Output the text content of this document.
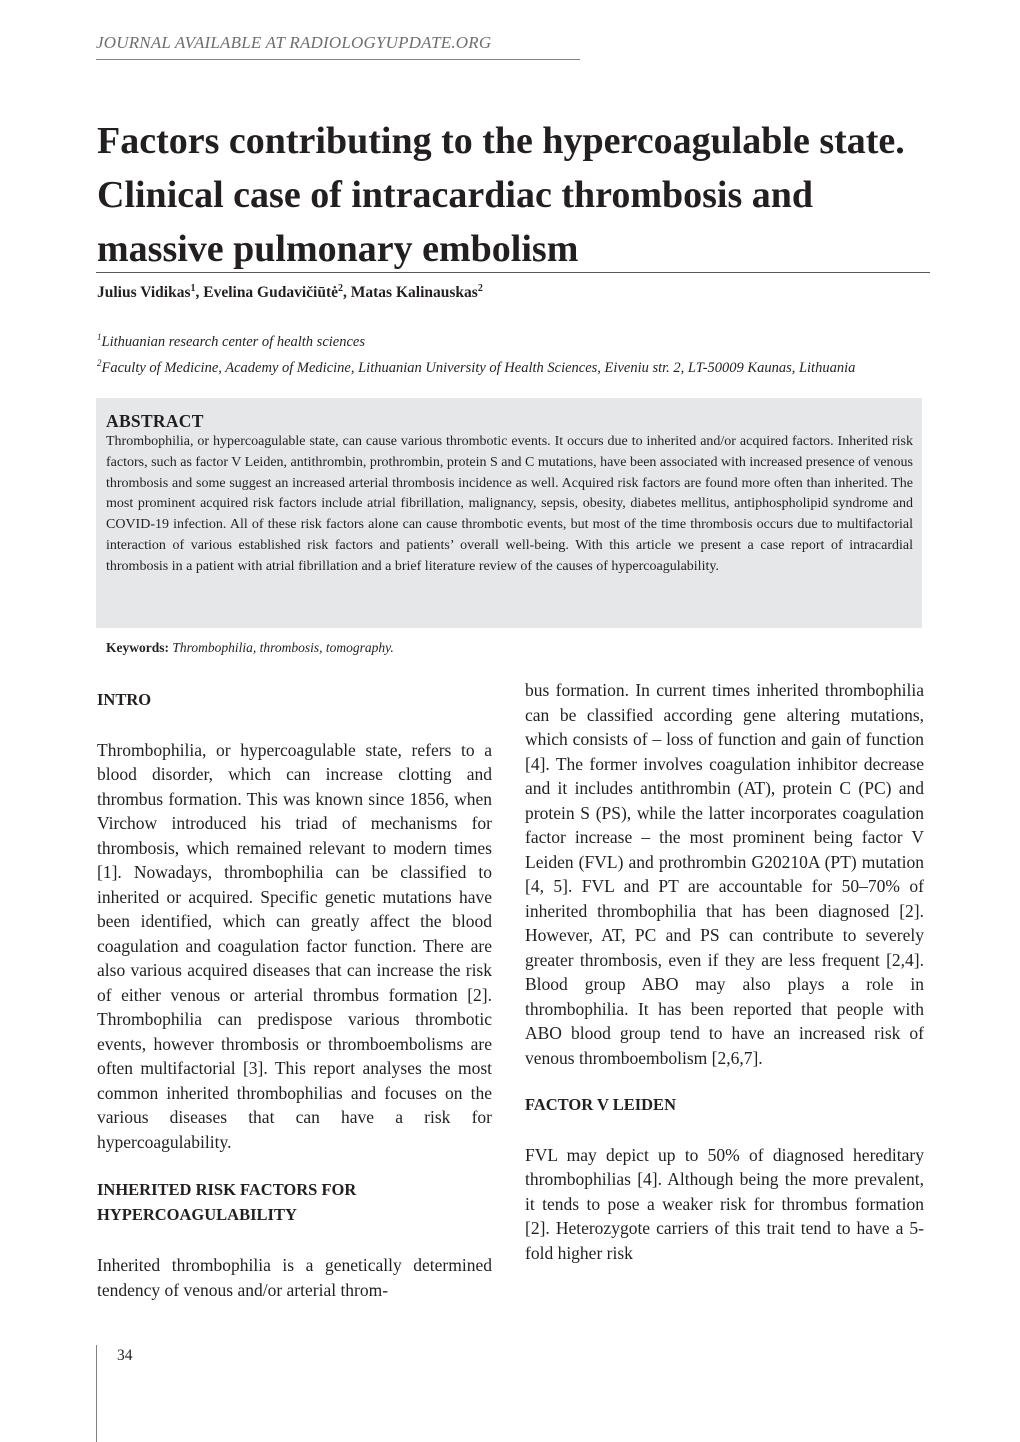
JOURNAL AVAILABLE AT RADIOLOGYUPDATE.ORG
Factors contributing to the hypercoagulable state. Clinical case of intracardiac thrombosis and massive pulmonary embolism
Julius Vidikas$^1$, Evelina Gudavičiūtė$^2$, Matas Kalinauskas$^2$

$^1$Lithuanian research center of health sciences

$^2$Faculty of Medicine, Academy of Medicine, Lithuanian University of Health Sciences, Eiveniu str. 2, LT-50009 Kaunas, Lithuania

ABSTRACT

Thrombophilia, or hypercoagulable state, can cause various thrombotic events. It occurs due to inherited and/or acquired factors. Inherited risk factors, such as factor V Leiden, antithrombin, prothrombin, protein S and C mutations, have been associated with increased presence of venous thrombosis and some suggest an increased arterial thrombosis incidence as well. Acquired risk factors are found more often than inherited. The most prominent acquired risk factors include atrial fibrillation, malignancy, sepsis, obesity, diabetes mellitus, antiphospholipid syndrome and COVID-19 infection. All of these risk factors alone can cause thrombotic events, but most of the time thrombosis occurs due to multifactorial interaction of various established risk factors and patients’ overall well-being. With this article we present a case report of intracardial thrombosis in a patient with atrial fibrillation and a brief literature review of the causes of hypercoagulability.

Keywords: Thrombophilia, thrombosis, tomography.
INTRO

Thrombophilia, or hypercoagulable state, refers to a blood disorder, which can increase clotting and thrombus formation. This was known since 1856, when Virchow introduced his triad of mechanisms for thrombosis, which remained relevant to modern times [1]. Nowadays, thrombophilia can be classified to inherited or acquired. Specific genetic mutations have been identified, which can greatly affect the blood coagulation and coagulation factor function. There are also various acquired diseases that can increase the risk of either venous or arterial thrombus formation [2]. Thrombophilia can predispose various thrombotic events, however thrombosis or thromboembolisms are often multifactorial [3]. This report analyses the most common inherited thrombophilias and focuses on the various diseases that can have a risk for hypercoagulability.

INHERITED RISK FACTORS FOR HYPERCOAGULABILITY

Inherited thrombophilia is a genetically determined tendency of venous and/or arterial throm-

bus formation. In current times inherited thrombophilia can be classified according gene altering mutations, which consists of – loss of function and gain of function [4]. The former involves coagulation inhibitor decrease and it includes antithrombin (AT), protein C (PC) and protein S (PS), while the latter incorporates coagulation factor increase – the most prominent being factor V Leiden (FVL) and prothrombin G20210A (PT) mutation [4, 5]. FVL and PT are accountable for 50–70% of inherited thrombophilia that has been diagnosed [2]. However, AT, PC and PS can contribute to severely greater thrombosis, even if they are less frequent [2,4]. Blood group ABO may also plays a role in thrombophilia. It has been reported that people with ABO blood group tend to have an increased risk of venous thromboembolism [2,6,7].

FACTOR V LEIDEN

FVL may depict up to 50% of diagnosed hereditary thrombophilias [4]. Although being the more prevalent, it tends to pose a weaker risk for thrombus formation [2]. Heterozygote carriers of this trait tend to have a 5-fold higher risk

34
